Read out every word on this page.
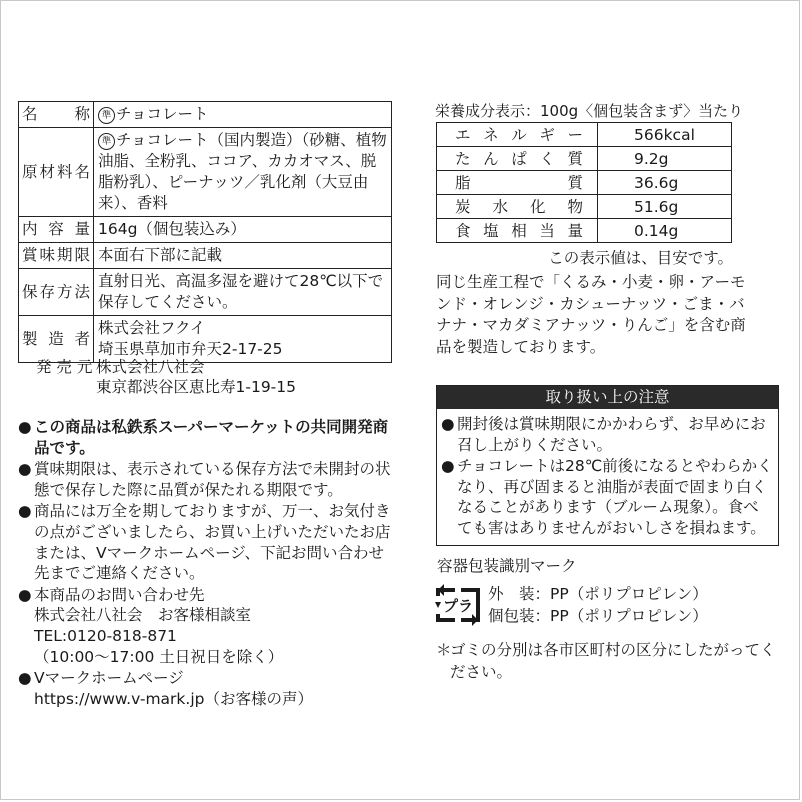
名　　称	準 チョコレート
原材料名	準 チョコレート（国内製造）（砂糖、植物油脂、全粉乳、ココア、カカオマス、脱脂粉乳）、ピーナッツ／乳化剤（大豆由来）、香料
内容量	164g（個包装込み）
賞味期限	本面右下部に記載
保存方法	直射日光、高温多湿を避けて28℃以下で保存してください。
製造者	株式会社フクイ
埼玉県草加市弁天2-17-25
発 売 元 株式会社八社会
東京都渋谷区恵比寿1-19-15
● この商品は私鉄系スーパーマーケットの共同開発商品です。
● 賞味期限は、表示されている保存方法で未開封の状態で保存した際に品質が保たれる期限です。
● 商品には万全を期しておりますが、万一、お気付きの点がございましたら、お買い上げいただいたお店または、Vマークホームページ、下記お問い合わせ先までご連絡ください。
● 本商品のお問い合わせ先
株式会社八社会　お客様相談室
TEL:0120-818-871
（10:00〜17:00 土日祝日を除く）
● Vマークホームページ
https://www.v-mark.jp（お客様の声）
栄養成分表示：100g〈個包装含まず〉当たり
エネルギー	566kcal
たんぱく質	9.2g
脂　　質	36.6g
炭水化物	51.6g
食塩相当量	0.14g
この表示値は、目安です。
同じ生産工程で「くるみ・小麦・卵・アーモンド・オレンジ・カシューナッツ・ごま・バナナ・マカダミアナッツ・りんご」を含む商品を製造しております。
取り扱い上の注意
● 開封後は賞味期限にかかわらず、お早めにお召し上がりください。
● チョコレートは28℃前後になるとやわらかくなり、再び固まると油脂が表面で固まり白くなることがあります（ブルーム現象）。食べても害はありませんがおいしさを損ねます。
容器包装識別マーク
プラ
外　装：PP（ポリプロピレン）
個包装：PP（ポリプロピレン）
＊
ゴミの分別は各市区町村の区分にしたがってください。
